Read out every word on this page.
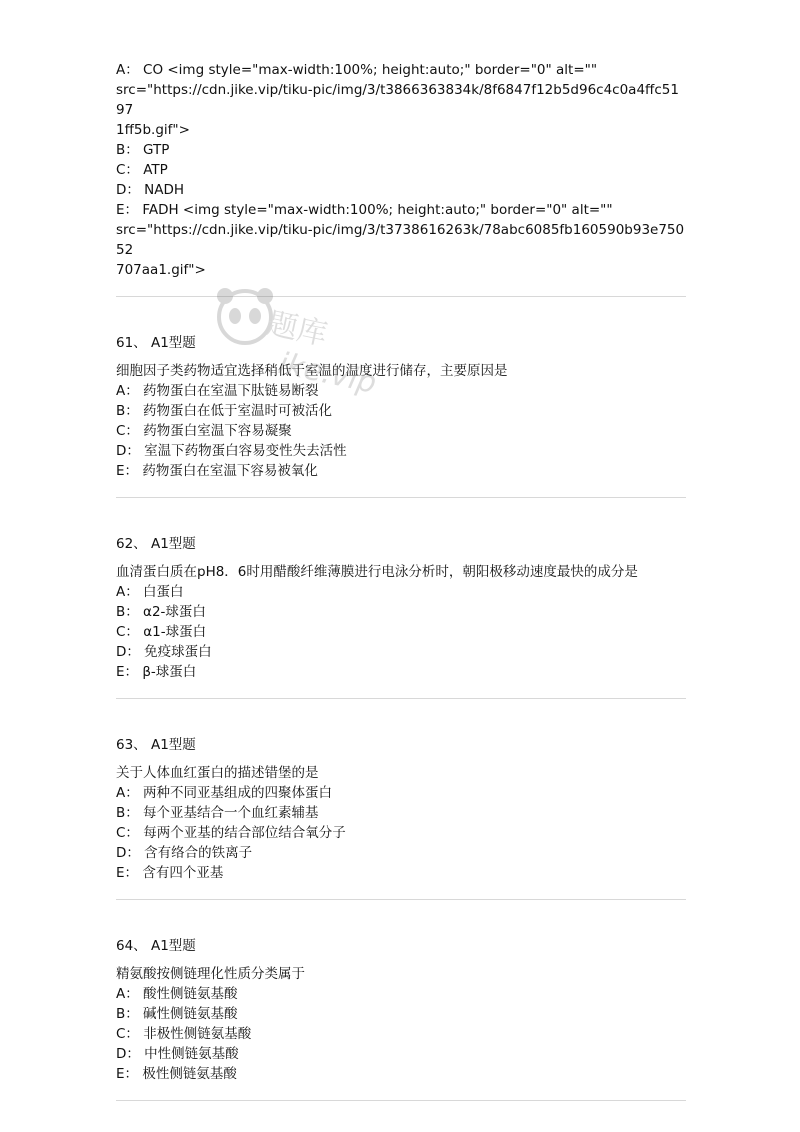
A： CO <img style="max-width:100%; height:auto;" border="0" alt=""
src="https://cdn.jike.vip/tiku-pic/img/3/t3866363834k/8f6847f12b5d96c4c0a4ffc5197
1ff5b.gif">
B： GTP
C： ATP
D： NADH
E： FADH <img style="max-width:100%; height:auto;" border="0" alt=""
src="https://cdn.jike.vip/tiku-pic/img/3/t3738616263k/78abc6085fb160590b93e75052
707aa1.gif">
61、 A1型题
细胞因子类药物适宜选择稍低于室温的温度进行储存，主要原因是
A： 药物蛋白在室温下肽链易断裂
B： 药物蛋白在低于室温时可被活化
C： 药物蛋白室温下容易凝聚
D： 室温下药物蛋白容易变性失去活性
E： 药物蛋白在室温下容易被氧化
62、 A1型题
血清蛋白质在pH8．6时用醋酸纤维薄膜进行电泳分析时，朝阳极移动速度最快的成分是
A： 白蛋白
B： α2-球蛋白
C： α1-球蛋白
D： 免疫球蛋白
E： β-球蛋白
63、 A1型题
关于人体血红蛋白的描述错堡的是
A： 两种不同亚基组成的四聚体蛋白
B： 每个亚基结合一个血红素辅基
C： 每两个亚基的结合部位结合氧分子
D： 含有络合的铁离子
E： 含有四个亚基
64、 A1型题
精氨酸按侧链理化性质分类属于
A： 酸性侧链氨基酸
B： 碱性侧链氨基酸
C： 非极性侧链氨基酸
D： 中性侧链氨基酸
E： 极性侧链氨基酸
题库
ike.vip
